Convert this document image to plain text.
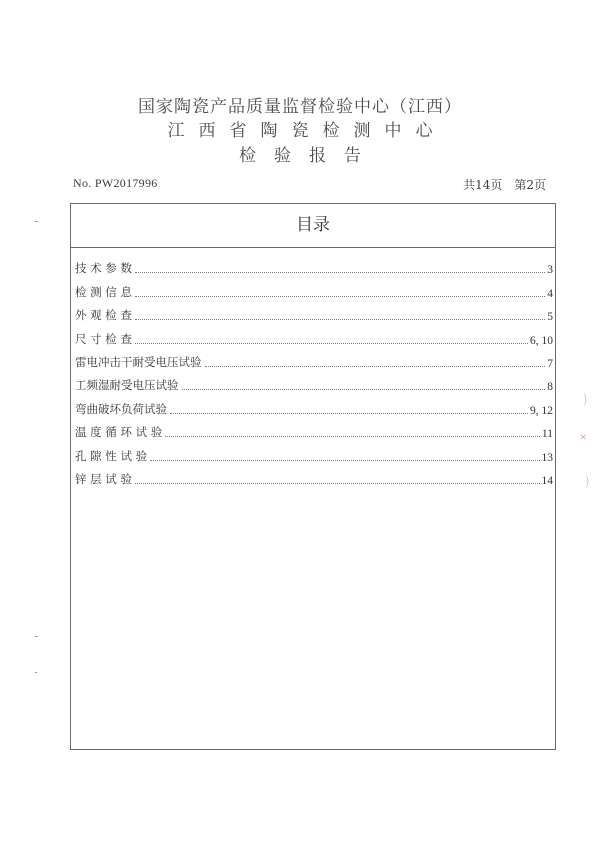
国家陶瓷产品质量监督检验中心（江西）
江西省陶瓷检测中心
检验报告
No. PW2017996	共14页 第2页
目录
技 术 参 数	3
检 测 信 息	4
外 观 检 查	5
尺 寸 检 查	6, 10
雷电冲击干耐受电压试验	7
工频湿耐受电压试验	8
弯曲破坏负荷试验	9, 12
温 度 循 环 试 验	11
孔 隙 性 试 验	13
锌 层 试 验	14
⌒
✕
⌒
